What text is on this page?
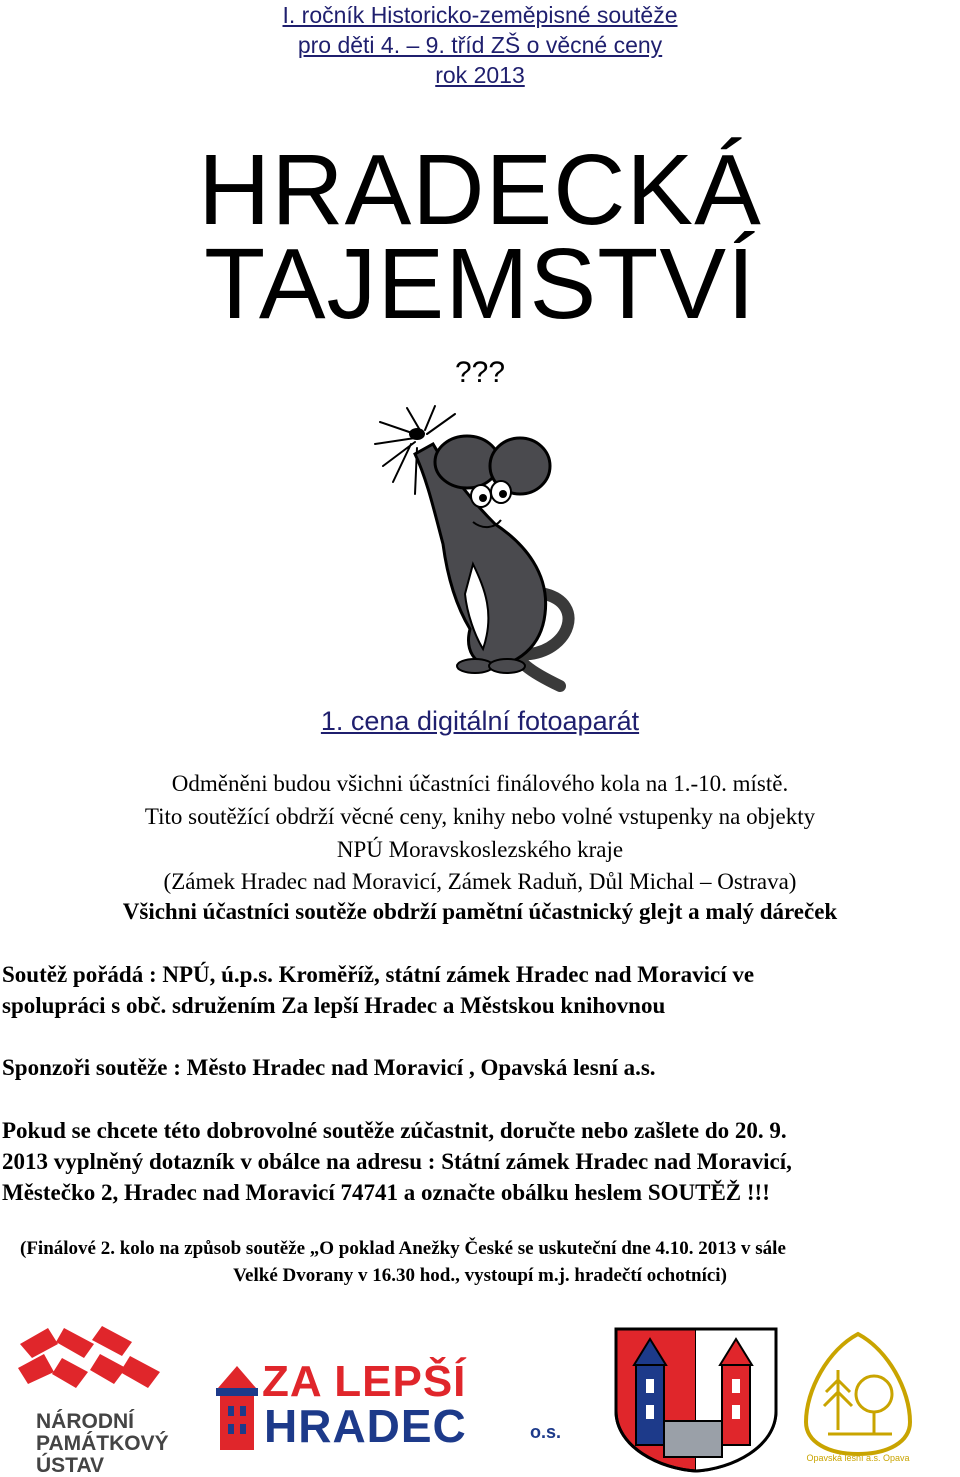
I. ročník Historicko-zeměpisné soutěže
pro děti 4. – 9. tříd ZŠ o věcné ceny
rok 2013
HRADECKÁ
TAJEMSTVÍ
???
1. cena digitální fotoaparát
Odměněni budou všichni účastníci finálového kola na 1.-10. místě.
Tito soutěžící obdrží věcné ceny, knihy nebo volné vstupenky na objekty
NPÚ Moravskoslezského kraje
(Zámek Hradec nad Moravicí, Zámek Raduň, Důl Michal – Ostrava)
Všichni účastníci soutěže obdrží pamětní účastnický glejt a malý dáreček
Soutěž pořádá : NPÚ, ú.p.s. Kroměříž, státní zámek Hradec nad Moravicí ve
spolupráci s obč. sdružením Za lepší Hradec a Městskou knihovnou
Sponzoři soutěže : Město Hradec nad Moravicí , Opavská lesní a.s.
Pokud se chcete této dobrovolné soutěže zúčastnit, doručte nebo zašlete do 20. 9.
2013 vyplněný dotazník v obálce na adresu : Státní zámek Hradec nad Moravicí,
Městečko 2, Hradec nad Moravicí 74741 a označte obálku heslem SOUTĚŽ !!!
(Finálové 2. kolo na způsob soutěže „O poklad Anežky České se uskuteční dne 4.10. 2013 v sále
Velké Dvorany v 16.30 hod., vystoupí m.j. hradečtí ochotníci)
NÁRODNÍ
PAMÁTKOVÝ
ÚSTAV
ZA LEPŠÍ
HRADEC	o.s.
Opavská lesní a.s. Opava
